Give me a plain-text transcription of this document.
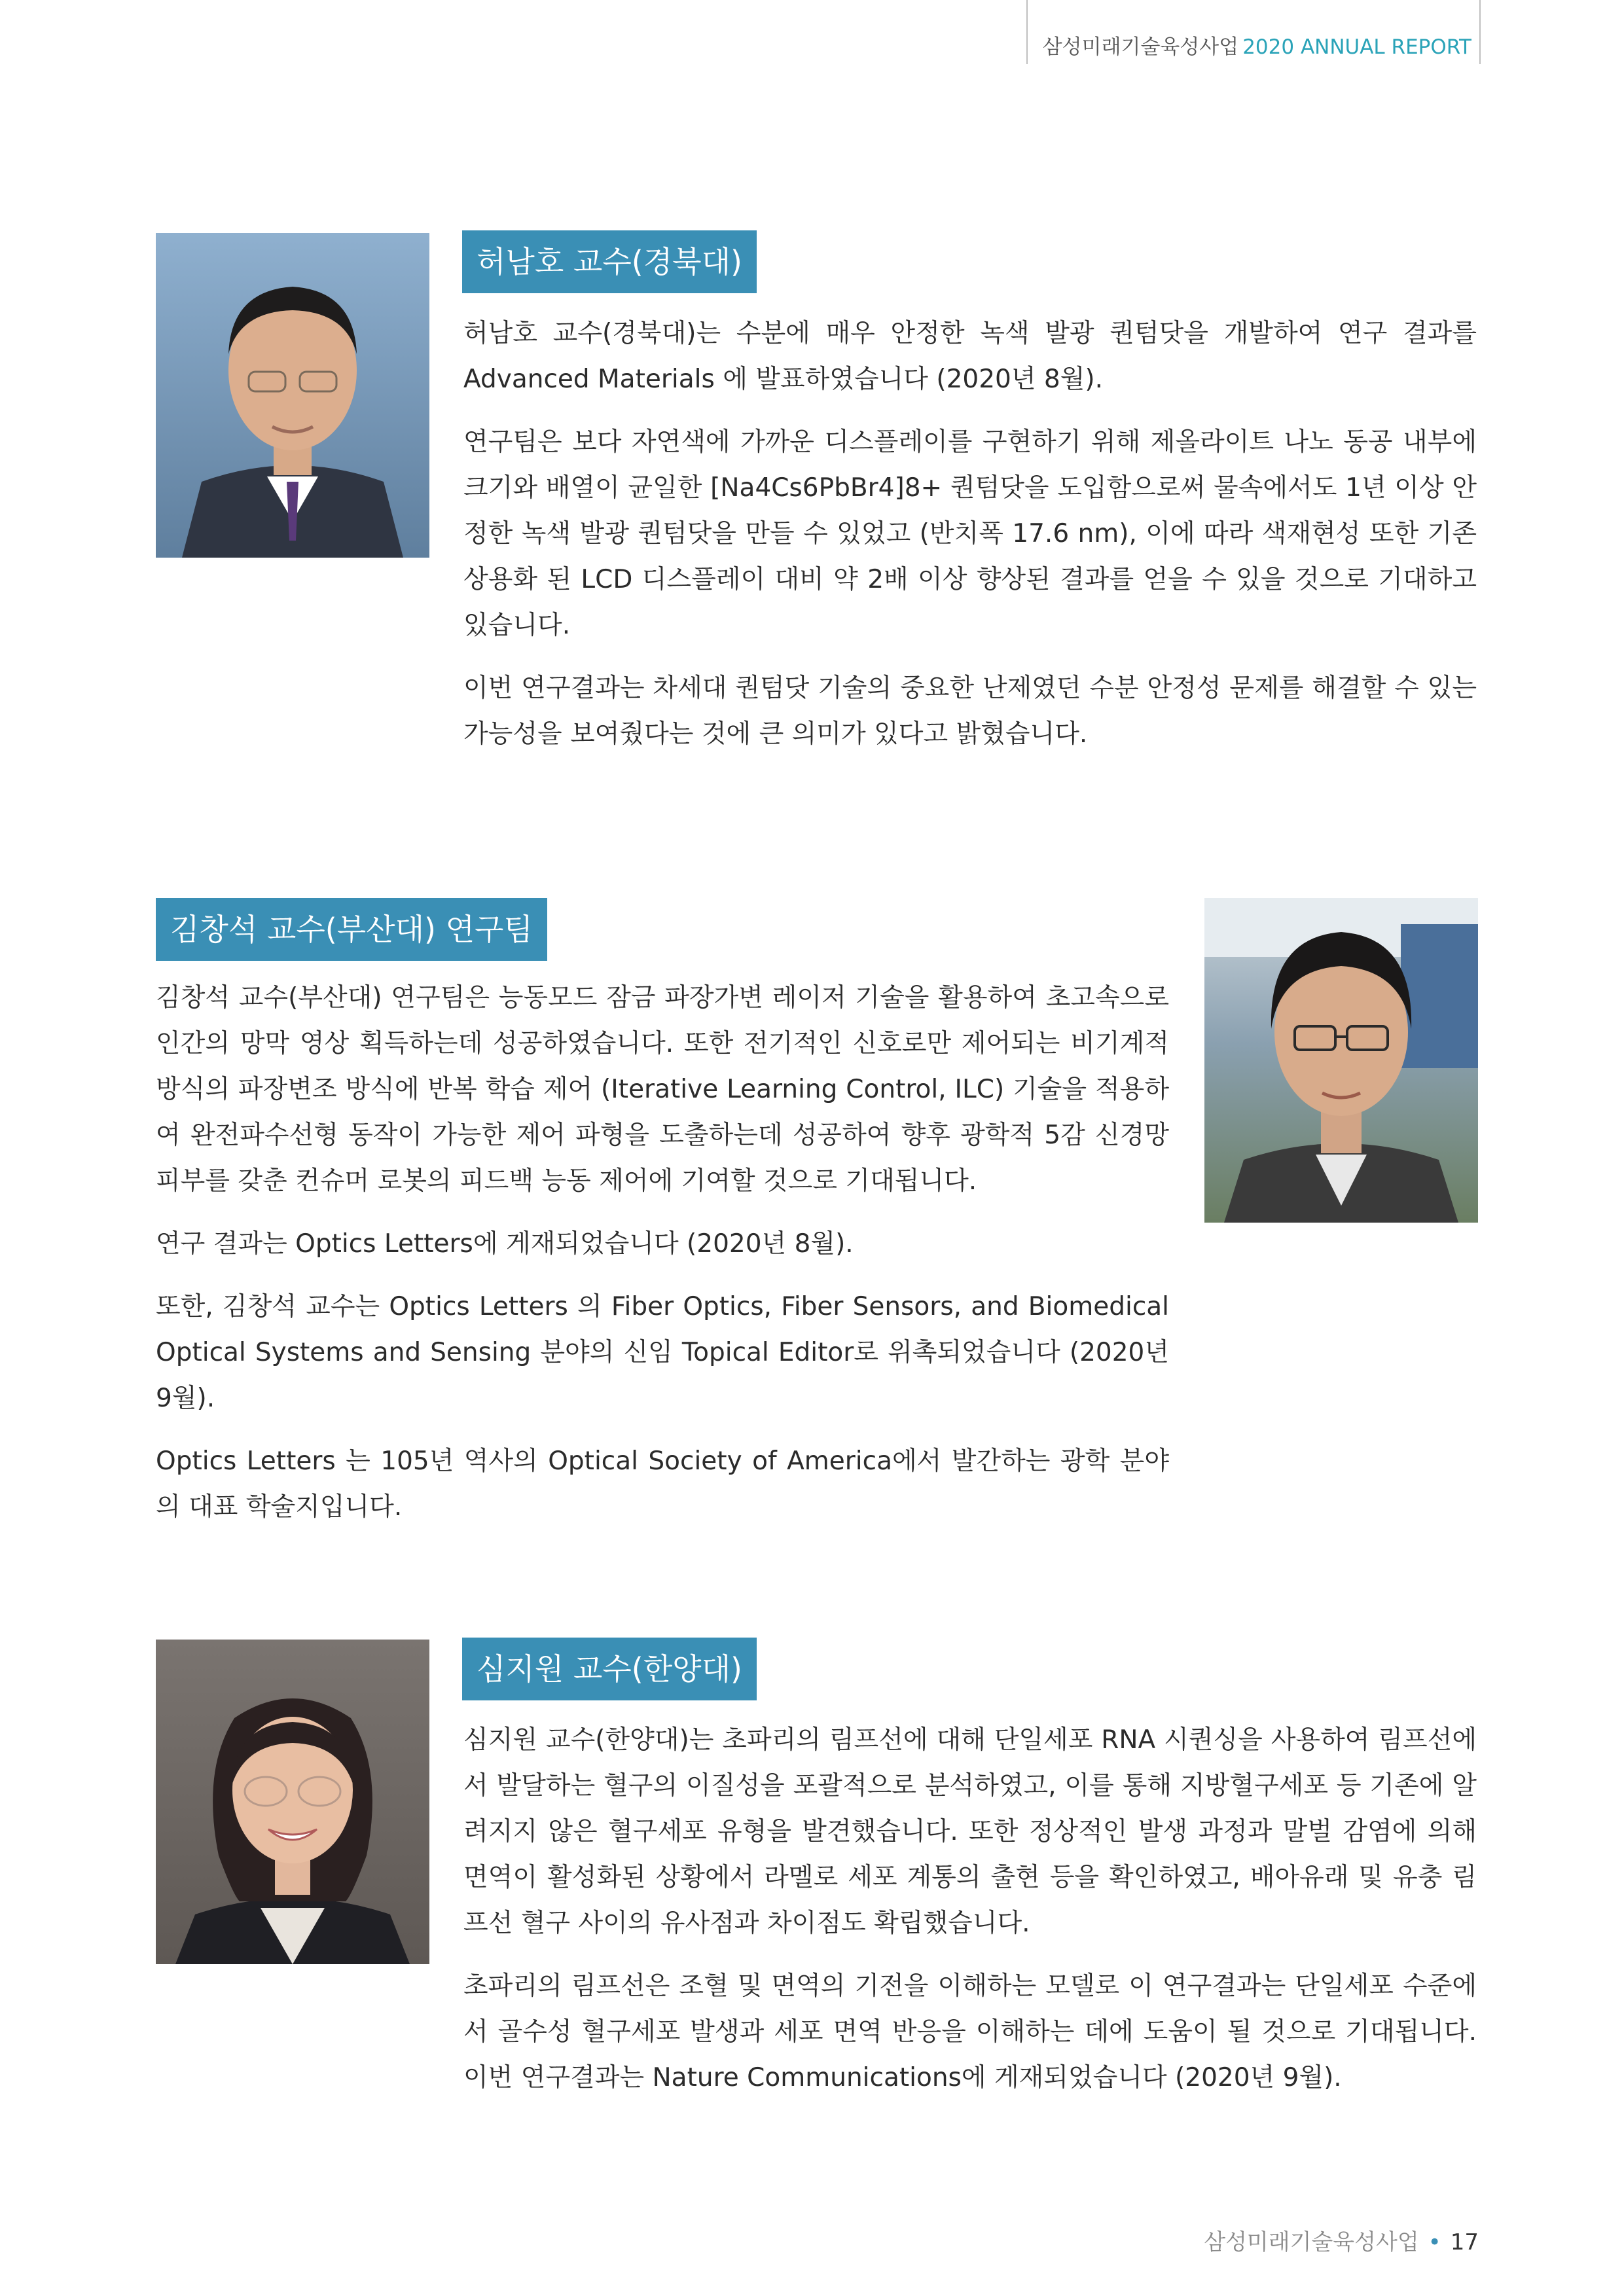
삼성미래기술육성사업 2020 ANNUAL REPORT
허남호 교수(경북대)

허남호 교수(경북대)는 수분에 매우 안정한 녹색 발광 퀀텀닷을 개발하여 연구 결과를 Advanced Materials 에 발표하였습니다 (2020년 8월).

연구팀은 보다 자연색에 가까운 디스플레이를 구현하기 위해 제올라이트 나노 동공 내부에 크기와 배열이 균일한 [Na4Cs6PbBr4]8+ 퀀텀닷을 도입함으로써 물속에서도 1년 이상 안정한 녹색 발광 퀀텀닷을 만들 수 있었고 (반치폭 17.6 nm), 이에 따라 색재현성 또한 기존 상용화 된 LCD 디스플레이 대비 약 2배 이상 향상된 결과를 얻을 수 있을 것으로 기대하고 있습니다.

이번 연구결과는 차세대 퀀텀닷 기술의 중요한 난제였던 수분 안정성 문제를 해결할 수 있는 가능성을 보여줬다는 것에 큰 의미가 있다고 밝혔습니다.

김창석 교수(부산대) 연구팀

김창석 교수(부산대) 연구팀은 능동모드 잠금 파장가변 레이저 기술을 활용하여 초고속으로 인간의 망막 영상 획득하는데 성공하였습니다. 또한 전기적인 신호로만 제어되는 비기계적 방식의 파장변조 방식에 반복 학습 제어 (Iterative Learning Control, ILC) 기술을 적용하여 완전파수선형 동작이 가능한 제어 파형을 도출하는데 성공하여 향후 광학적 5감 신경망 피부를 갖춘 컨슈머 로봇의 피드백 능동 제어에 기여할 것으로 기대됩니다.

연구 결과는 Optics Letters에 게재되었습니다 (2020년 8월).

또한, 김창석 교수는 Optics Letters 의 Fiber Optics, Fiber Sensors, and Biomedical Optical Systems and Sensing 분야의 신임 Topical Editor로 위촉되었습니다 (2020년 9월).

Optics Letters 는 105년 역사의 Optical Society of America에서 발간하는 광학 분야의 대표 학술지입니다.

심지원 교수(한양대)

심지원 교수(한양대)는 초파리의 림프선에 대해 단일세포 RNA 시퀀싱을 사용하여 림프선에서 발달하는 혈구의 이질성을 포괄적으로 분석하였고, 이를 통해 지방혈구세포 등 기존에 알려지지 않은 혈구세포 유형을 발견했습니다. 또한 정상적인 발생 과정과 말벌 감염에 의해 면역이 활성화된 상황에서 라멜로 세포 계통의 출현 등을 확인하였고, 배아유래 및 유충 림프선 혈구 사이의 유사점과 차이점도 확립했습니다.

초파리의 림프선은 조혈 및 면역의 기전을 이해하는 모델로 이 연구결과는 단일세포 수준에서 골수성 혈구세포 발생과 세포 면역 반응을 이해하는 데에 도움이 될 것으로 기대됩니다. 이번 연구결과는 Nature Communications에 게재되었습니다 (2020년 9월).

삼성미래기술육성사업 • 17
